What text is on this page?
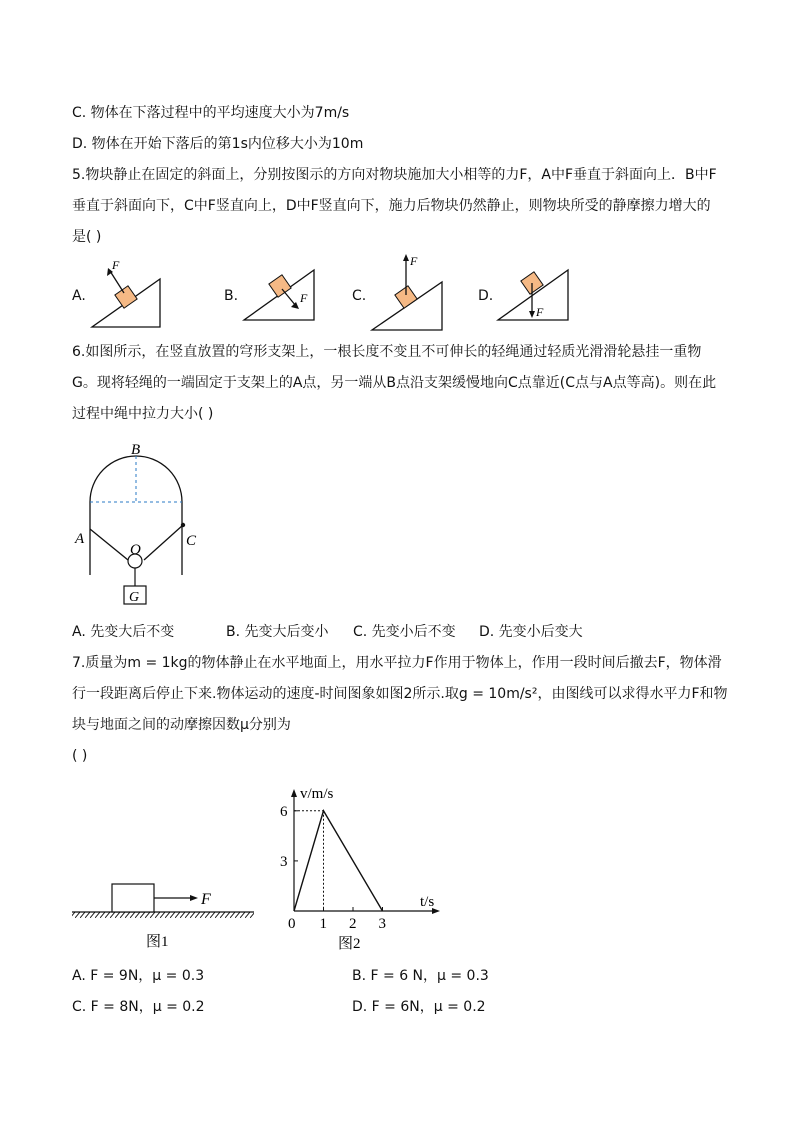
C. 物体在下落过程中的平均速度大小为7m/s
D. 物体在开始下落后的第1s内位移大小为10m
5.物块静止在固定的斜面上，分别按图示的方向对物块施加大小相等的力F，A中F垂直于斜面向上．B中F
垂直于斜面向下，C中F竖直向上，D中F竖直向下，施力后物块仍然静止，则物块所受的静摩擦力增大的
是( )
A.
F
B.	F	C.
F
D.
F
6.如图所示，在竖直放置的穹形支架上，一根长度不变且不可伸长的轻绳通过轻质光滑滑轮悬挂一重物
G。现将轻绳的一端固定于支架上的A点，另一端从B点沿支架缓慢地向C点靠近(C点与A点等高)。则在此
过程中绳中拉力大小( )
B
A	C
O
G
A. 先变大后不变	B. 先变大后变小 C. 先变小后不变 D. 先变小后变大
7.质量为m = 1kg的物体静止在水平地面上，用水平拉力F作用于物体上，作用一段时间后撤去F，物体滑
行一段距离后停止下来.物体运动的速度-时间图象如图2所示.取g = 10m/s²，由图线可以求得水平力F和物
块与地面之间的动摩擦因数μ分别为
( )
F
图1
v/m/s
t/s
0 1 2 3
3
6
图2
A. F = 9N，μ = 0.3	B. F = 6 N，μ = 0.3
C. F = 8N，μ = 0.2	D. F = 6N，μ = 0.2
